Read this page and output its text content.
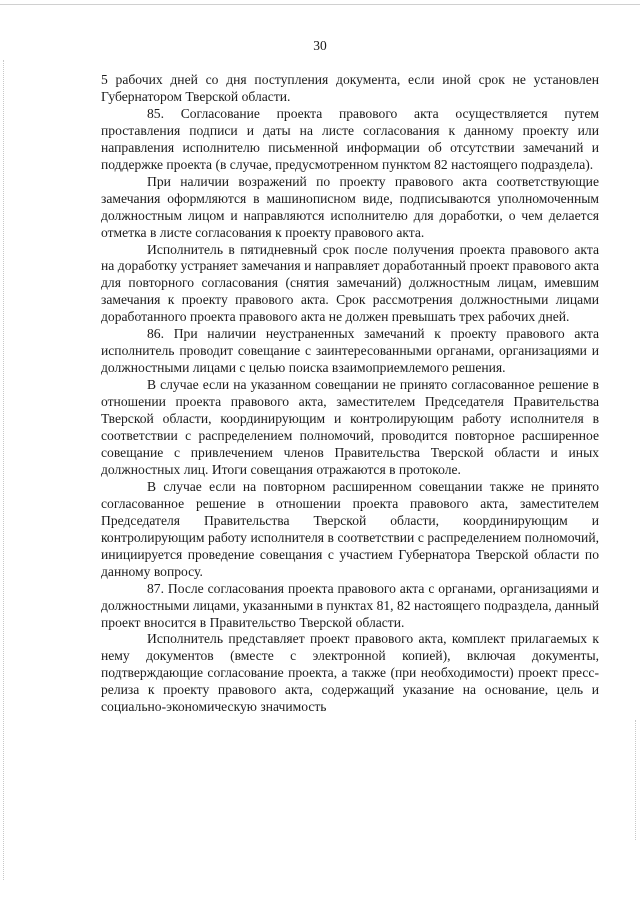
30

5 рабочих дней со дня поступления документа, если иной срок не установлен Губернатором Тверской области.

85. Согласование проекта правового акта осуществляется путем проставления подписи и даты на листе согласования к данному проекту или направления исполнителю письменной информации об отсутствии замечаний и поддержке проекта (в случае, предусмотренном пунктом 82 настоящего подраздела).

При наличии возражений по проекту правового акта соответствующие замечания оформляются в машинописном виде, подписываются уполномоченным должностным лицом и направляются исполнителю для доработки, о чем делается отметка в листе согласования к проекту правового акта.

Исполнитель в пятидневный срок после получения проекта правового акта на доработку устраняет замечания и направляет доработанный проект правового акта для повторного согласования (снятия замечаний) должностным лицам, имевшим замечания к проекту правового акта. Срок рассмотрения должностными лицами доработанного проекта правового акта не должен превышать трех рабочих дней.

86. При наличии неустраненных замечаний к проекту правового акта исполнитель проводит совещание с заинтересованными органами, организациями и должностными лицами с целью поиска взаимоприемлемого решения.

В случае если на указанном совещании не принято согласованное решение в отношении проекта правового акта, заместителем Председателя Правительства Тверской области, координирующим и контролирующим работу исполнителя в соответствии с распределением полномочий, проводится повторное расширенное совещание с привлечением членов Правительства Тверской области и иных должностных лиц. Итоги совещания отражаются в протоколе.

В случае если на повторном расширенном совещании также не принято согласованное решение в отношении проекта правового акта, заместителем Председателя Правительства Тверской области, координирующим и контролирующим работу исполнителя в соответствии с распределением полномочий, инициируется проведение совещания с участием Губернатора Тверской области по данному вопросу.

87. После согласования проекта правового акта с органами, организациями и должностными лицами, указанными в пунктах 81, 82 настоящего подраздела, данный проект вносится в Правительство Тверской области.

Исполнитель представляет проект правового акта, комплект прилагаемых к нему документов (вместе с электронной копией), включая документы, подтверждающие согласование проекта, а также (при необходимости) проект пресс-релиза к проекту правового акта, содержащий указание на основание, цель и социально-экономическую значимость
